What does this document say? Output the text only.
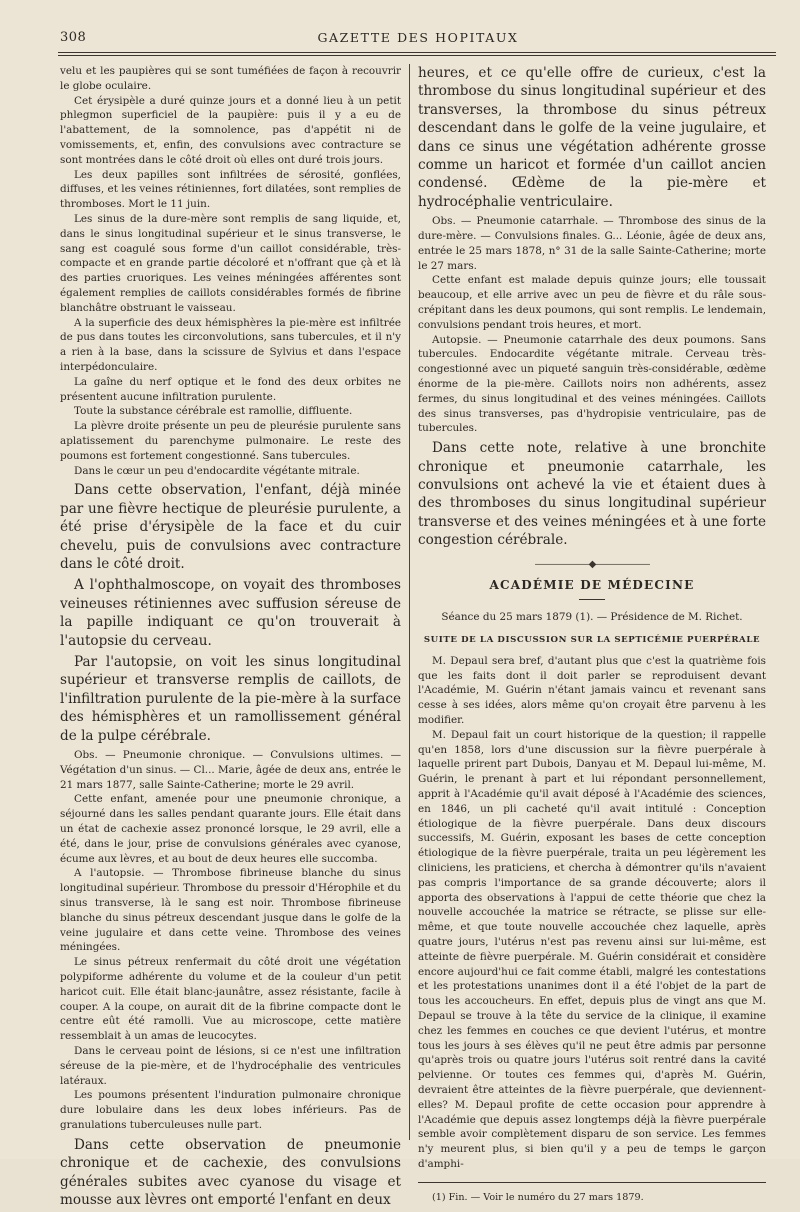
308	GAZETTE DES HOPITAUX

velu et les paupières qui se sont tuméfiées de façon à recouvrir le globe oculaire.

Cet érysipèle a duré quinze jours et a donné lieu à un petit phlegmon superficiel de la paupière: puis il y a eu de l'abattement, de la somnolence, pas d'appétit ni de vomissements, et, enfin, des convulsions avec contracture se sont montrées dans le côté droit où elles ont duré trois jours.

Les deux papilles sont infiltrées de sérosité, gonflées, diffuses, et les veines rétiniennes, fort dilatées, sont remplies de thromboses. Mort le 11 juin.

Les sinus de la dure-mère sont remplis de sang liquide, et, dans le sinus longitudinal supérieur et le sinus transverse, le sang est coagulé sous forme d'un caillot considérable, très-compacte et en grande partie décoloré et n'offrant que çà et là des parties cruoriques. Les veines méningées afférentes sont également remplies de caillots considérables formés de fibrine blanchâtre obstruant le vaisseau.

A la superficie des deux hémisphères la pie-mère est infiltrée de pus dans toutes les circonvolutions, sans tubercules, et il n'y a rien à la base, dans la scissure de Sylvius et dans l'espace interpédonculaire.

La gaîne du nerf optique et le fond des deux orbites ne présentent aucune infiltration purulente.

Toute la substance cérébrale est ramollie, diffluente.

La plèvre droite présente un peu de pleurésie purulente sans aplatissement du parenchyme pulmonaire. Le reste des poumons est fortement congestionné. Sans tubercules.

Dans le cœur un peu d'endocardite végétante mitrale.

Dans cette observation, l'enfant, déjà minée par une fièvre hectique de pleurésie purulente, a été prise d'érysipèle de la face et du cuir chevelu, puis de convulsions avec contracture dans le côté droit.

A l'ophthalmoscope, on voyait des thromboses veineuses rétiniennes avec suffusion séreuse de la papille indiquant ce qu'on trouverait à l'autopsie du cerveau.

Par l'autopsie, on voit les sinus longitudinal supérieur et transverse remplis de caillots, de l'infiltration purulente de la pie-mère à la surface des hémisphères et un ramollissement général de la pulpe cérébrale.

Obs. — Pneumonie chronique. — Convulsions ultimes. — Végétation d'un sinus. — Cl... Marie, âgée de deux ans, entrée le 21 mars 1877, salle Sainte-Catherine; morte le 29 avril.

Cette enfant, amenée pour une pneumonie chronique, a séjourné dans les salles pendant quarante jours. Elle était dans un état de cachexie assez prononcé lorsque, le 29 avril, elle a été, dans le jour, prise de convulsions générales avec cyanose, écume aux lèvres, et au bout de deux heures elle succomba.

A l'autopsie. — Thrombose fibrineuse blanche du sinus longitudinal supérieur. Thrombose du pressoir d'Hérophile et du sinus transverse, là le sang est noir. Thrombose fibrineuse blanche du sinus pétreux descendant jusque dans le golfe de la veine jugulaire et dans cette veine. Thrombose des veines méningées.

Le sinus pétreux renfermait du côté droit une végétation polypiforme adhérente du volume et de la couleur d'un petit haricot cuit. Elle était blanc-jaunâtre, assez résistante, facile à couper. A la coupe, on aurait dit de la fibrine compacte dont le centre eût été ramolli. Vue au microscope, cette matière ressemblait à un amas de leucocytes.

Dans le cerveau point de lésions, si ce n'est une infiltration séreuse de la pie-mère, et de l'hydrocéphalie des ventricules latéraux.

Les poumons présentent l'induration pulmonaire chronique dure lobulaire dans les deux lobes inférieurs. Pas de granulations tuberculeuses nulle part.

Dans cette observation de pneumonie chronique et de cachexie, des convulsions générales subites avec cyanose du visage et mousse aux lèvres ont emporté l'enfant en deux

heures, et ce qu'elle offre de curieux, c'est la thrombose du sinus longitudinal supérieur et des transverses, la thrombose du sinus pétreux descendant dans le golfe de la veine jugulaire, et dans ce sinus une végétation adhérente grosse comme un haricot et formée d'un caillot ancien condensé. Œdème de la pie-mère et hydrocéphalie ventriculaire.

Obs. — Pneumonie catarrhale. — Thrombose des sinus de la dure-mère. — Convulsions finales. G... Léonie, âgée de deux ans, entrée le 25 mars 1878, n° 31 de la salle Sainte-Catherine; morte le 27 mars.

Cette enfant est malade depuis quinze jours; elle toussait beaucoup, et elle arrive avec un peu de fièvre et du râle sous-crépitant dans les deux poumons, qui sont remplis. Le lendemain, convulsions pendant trois heures, et mort.

Autopsie. — Pneumonie catarrhale des deux poumons. Sans tubercules. Endocardite végétante mitrale. Cerveau très-congestionné avec un piqueté sanguin très-considérable, œdème énorme de la pie-mère. Caillots noirs non adhérents, assez fermes, du sinus longitudinal et des veines méningées. Caillots des sinus transverses, pas d'hydropisie ventriculaire, pas de tubercules.

Dans cette note, relative à une bronchite chronique et pneumonie catarrhale, les convulsions ont achevé la vie et étaient dues à des thromboses du sinus longitudinal supérieur transverse et des veines méningées et à une forte congestion cérébrale.

——————◆——————
ACADÉMIE DE MÉDECINE
Séance du 25 mars 1879 (1). — Présidence de M. Richet.
SUITE DE LA DISCUSSION SUR LA SEPTICÉMIE PUERPÉRALE

M. Depaul sera bref, d'autant plus que c'est la quatrième fois que les faits dont il doit parler se reproduisent devant l'Académie, M. Guérin n'étant jamais vaincu et revenant sans cesse à ses idées, alors même qu'on croyait être parvenu à les modifier.

M. Depaul fait un court historique de la question; il rappelle qu'en 1858, lors d'une discussion sur la fièvre puerpérale à laquelle prirent part Dubois, Danyau et M. Depaul lui-même, M. Guérin, le prenant à part et lui répondant personnellement, apprit à l'Académie qu'il avait déposé à l'Académie des sciences, en 1846, un pli cacheté qu'il avait intitulé : Conception étiologique de la fièvre puerpérale. Dans deux discours successifs, M. Guérin, exposant les bases de cette conception étiologique de la fièvre puerpérale, traita un peu légèrement les cliniciens, les praticiens, et chercha à démontrer qu'ils n'avaient pas compris l'importance de sa grande découverte; alors il apporta des observations à l'appui de cette théorie que chez la nouvelle accouchée la matrice se rétracte, se plisse sur elle-même, et que toute nouvelle accouchée chez laquelle, après quatre jours, l'utérus n'est pas revenu ainsi sur lui-même, est atteinte de fièvre puerpérale. M. Guérin considérait et considère encore aujourd'hui ce fait comme établi, malgré les contestations et les protestations unanimes dont il a été l'objet de la part de tous les accoucheurs. En effet, depuis plus de vingt ans que M. Depaul se trouve à la tête du service de la clinique, il examine chez les femmes en couches ce que devient l'utérus, et montre tous les jours à ses élèves qu'il ne peut être admis par personne qu'après trois ou quatre jours l'utérus soit rentré dans la cavité pelvienne. Or toutes ces femmes qui, d'après M. Guérin, devraient être atteintes de la fièvre puerpérale, que deviennent-elles? M. Depaul profite de cette occasion pour apprendre à l'Académie que depuis assez longtemps déjà la fièvre puerpérale semble avoir complètement disparu de son service. Les femmes n'y meurent plus, si bien qu'il y a peu de temps le garçon d'amphi-

(1) Fin. — Voir le numéro du 27 mars 1879.
